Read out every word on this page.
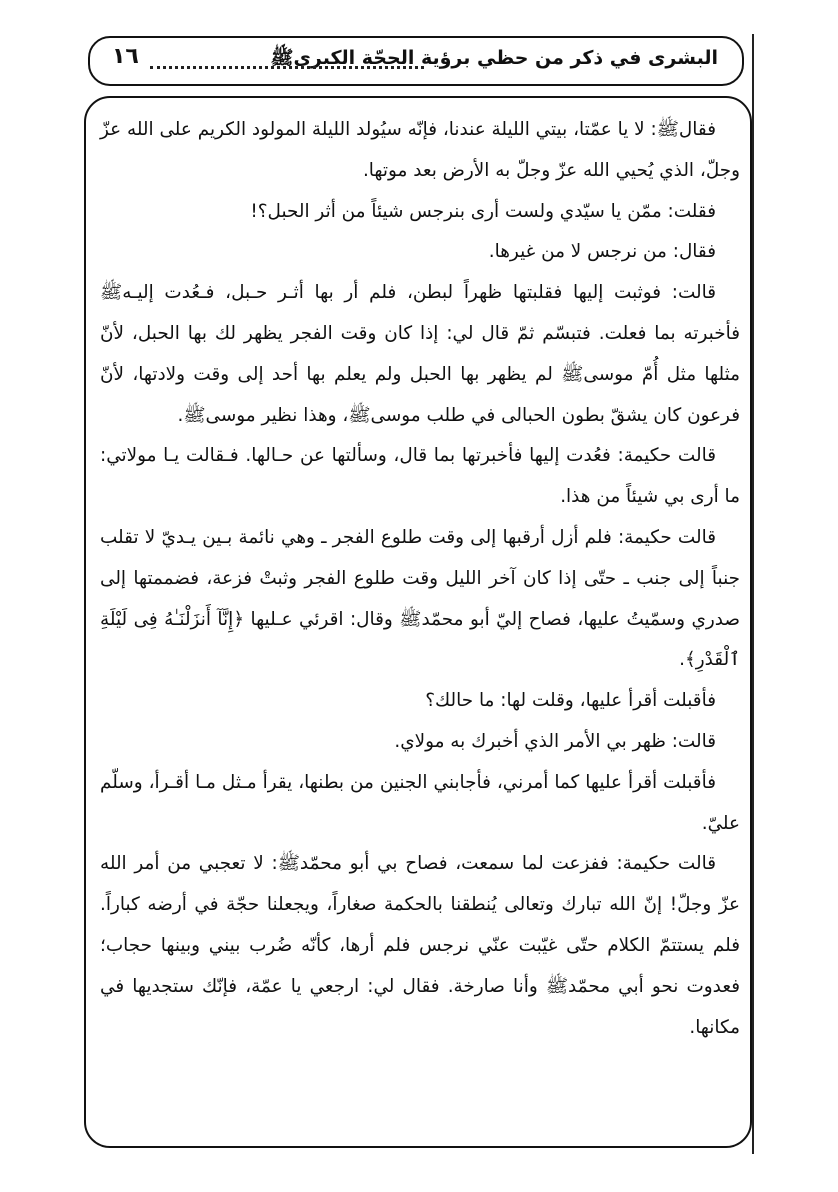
البشرى في ذكر من حظي برؤية الحجّة الكبرىﷺ
١٦

فقالﷺ: لا يا عمّتا، بيتي الليلة عندنا، فإنّه سيُولد الليلة المولود الكريم على الله عزّ وجلّ، الذي يُحيي الله عزّ وجلّ به الأرض بعد موتها.

فقلت: ممّن يا سيّدي ولست أرى بنرجس شيئاً من أثر الحبل؟!

فقال: من نرجس لا من غيرها.

قالت: فوثبت إليها فقلبتها ظهراً لبطن، فلم أر بها أثـر حـبل، فـعُدت إليـهﷺ فأخبرته بما فعلت. فتبسّم ثمّ قال لي: إذا كان وقت الفجر يظهر لك بها الحبل، لأنّ مثلها مثل أُمّ موسىﷺ لم يظهر بها الحبل ولم يعلم بها أحد إلى وقت ولادتها، لأنّ فرعون كان يشقّ بطون الحبالى في طلب موسىﷺ، وهذا نظير موسىﷺ.

قالت حكيمة: فعُدت إليها فأخبرتها بما قال، وسألتها عن حـالها. فـقالت يـا مولاتي: ما أرى بي شيئاً من هذا.

قالت حكيمة: فلم أزل أرقبها إلى وقت طلوع الفجر ـ وهي نائمة بـين يـديّ لا تقلب جنباً إلى جنب ـ حتّى إذا كان آخر الليل وقت طلوع الفجر وثبتْ فزعة، فضممتها إلى صدري وسمّيتُ عليها، فصاح إليّ أبو محمّدﷺ وقال: اقرئي عـليها ﴿إِنَّآ أَنزَلْنَـٰهُ فِى لَيْلَةِ ٱلْقَدْرِ﴾.

فأقبلت أقرأ عليها، وقلت لها: ما حالك؟

قالت: ظهر بي الأمر الذي أخبرك به مولاي.

فأقبلت أقرأ عليها كما أمرني، فأجابني الجنين من بطنها، يقرأ مـثل مـا أقـرأ، وسلّم عليّ.

قالت حكيمة: ففزعت لما سمعت، فصاح بي أبو محمّدﷺ: لا تعجبي من أمر الله عزّ وجلّ! إنّ الله تبارك وتعالى يُنطقنا بالحكمة صغاراً، ويجعلنا حجّة في أرضه كباراً. فلم يستتمّ الكلام حتّى غيّبت عنّي نرجس فلم أرها، كأنّه ضُرب بيني وبينها حجاب؛ فعدوت نحو أبي محمّدﷺ وأنا صارخة. فقال لي: ارجعي يا عمّة، فإنّك ستجديها في مكانها.
